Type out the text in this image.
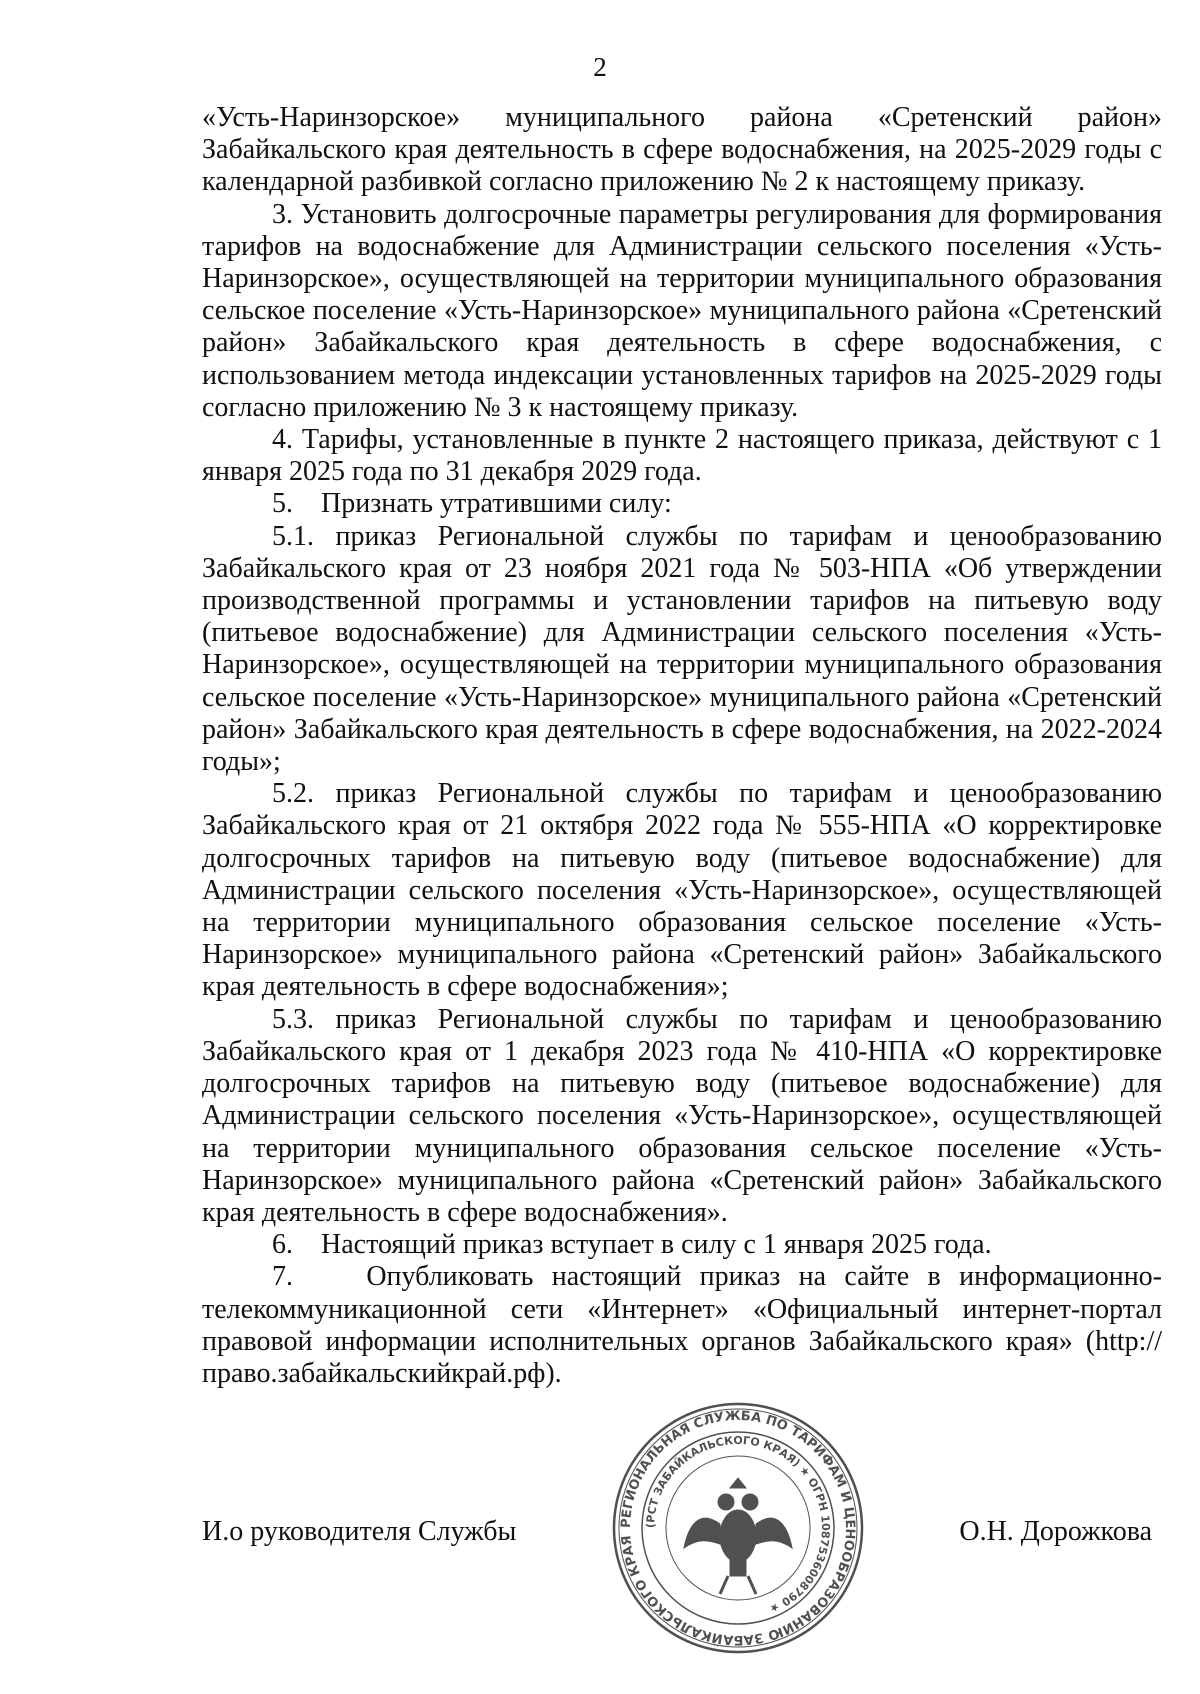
2

«Усть-Наринзорское» муниципального района «Сретенский район» Забайкальского края деятельность в сфере водоснабжения, на 2025-2029 годы с календарной разбивкой согласно приложению № 2 к настоящему приказу.

3. Установить долгосрочные параметры регулирования для формирования тарифов на водоснабжение для Администрации сельского поселения «Усть-Наринзорское», осуществляющей на территории муниципального образования сельское поселение «Усть-Наринзорское» муниципального района «Сретенский район» Забайкальского края деятельность в сфере водоснабжения, с использованием метода индексации установленных тарифов на 2025-2029 годы согласно приложению № 3 к настоящему приказу.

4. Тарифы, установленные в пункте 2 настоящего приказа, действуют с 1 января 2025 года по 31 декабря 2029 года.

5.    Признать утратившими силу:

5.1. приказ Региональной службы по тарифам и ценообразованию Забайкальского края от 23 ноября 2021 года № 503-НПА «Об утверждении производственной программы и установлении тарифов на питьевую воду (питьевое водоснабжение) для Администрации сельского поселения «Усть-Наринзорское», осуществляющей на территории муниципального образования сельское поселение «Усть-Наринзорское» муниципального района «Сретенский район» Забайкальского края деятельность в сфере водоснабжения, на 2022-2024 годы»;

5.2. приказ Региональной службы по тарифам и ценообразованию Забайкальского края от 21 октября 2022 года № 555-НПА «О корректировке долгосрочных тарифов на питьевую воду (питьевое водоснабжение) для Администрации сельского поселения «Усть-Наринзорское», осуществляющей на территории муниципального образования сельское поселение «Усть-Наринзорское» муниципального района «Сретенский район» Забайкальского края деятельность в сфере водоснабжения»;

5.3. приказ Региональной службы по тарифам и ценообразованию Забайкальского края от 1 декабря 2023 года № 410-НПА «О корректировке долгосрочных тарифов на питьевую воду (питьевое водоснабжение) для Администрации сельского поселения «Усть-Наринзорское», осуществляющей на территории муниципального образования сельское поселение «Усть-Наринзорское» муниципального района «Сретенский район» Забайкальского края деятельность в сфере водоснабжения».

6.    Настоящий приказ вступает в силу с 1 января 2025 года.

7.    Опубликовать настоящий приказ на сайте в информационно-телекоммуникационной сети «Интернет» «Официальный интернет-портал правовой информации исполнительных органов Забайкальского края» (http://право.забайкальскийкрай.рф).

И.о руководителя Службы	О.Н. Дорожкова
РЕГИОНАЛЬНАЯ СЛУЖБА ПО ТАРИФАМ И ЦЕНООБРАЗОВАНИЮ ЗАБАЙКАЛЬСКОГО КРАЯ
(РСТ ЗАБАЙКАЛЬСКОГО КРАЯ) ★ ОГРН 1087536008790 ★
